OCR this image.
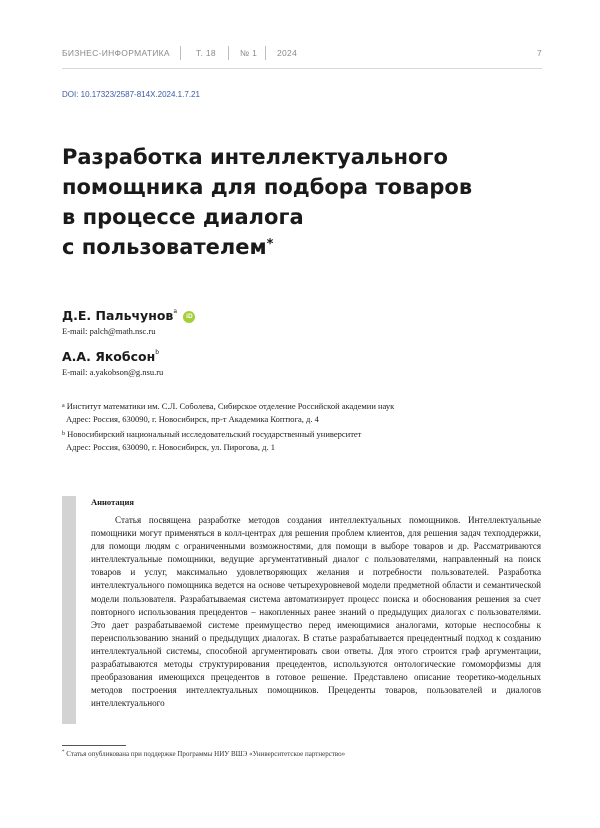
БИЗНЕС-ИНФОРМАТИКА	Т. 18	№ 1 2024	7
DOI: 10.17323/2587-814X.2024.1.7.21
Разработка интеллектуального
помощника для подбора товаров
в процессе диалога
с пользователем*
Д.Е. Пальчунов$^a$ iD
E-mail: palch@math.nsc.ru
А.А. Якобсон$^b$
E-mail: a.yakobson@g.nsu.ru
$^a$ Институт математики им. С.Л. Соболева, Сибирское отделение Российской академии наук
Адрес: Россия, 630090, г. Новосибирск, пр-т Академика Коптюга, д. 4
$^b$ Новосибирский национальный исследовательский государственный университет
Адрес: Россия, 630090, г. Новосибирск, ул. Пирогова, д. 1
Аннотация

Статья посвящена разработке методов создания интеллектуальных помощников. Интеллектуальные помощники могут применяться в колл-центрах для решения проблем клиентов, для решения задач техподдержки, для помощи людям с ограниченными возможностями, для помощи в выборе товаров и др. Рассматриваются интеллектуальные помощники, ведущие аргументативный диалог с пользователями, направленный на поиск товаров и услуг, максимально удовлетворяющих желания и потребности пользователей. Разработка интеллектуального помощника ведется на основе четырехуровневой модели предметной области и семантической модели пользователя. Разрабатываемая система автоматизирует процесс поиска и обоснования решения за счет повторного использования прецедентов – накопленных ранее знаний о предыдущих диалогах с пользователями. Это дает разрабатываемой системе преимущество перед имеющимися аналогами, которые неспособны к переиспользованию знаний о предыдущих диалогах. В статье разрабатывается прецедентный подход к созданию интеллектуальной системы, способной аргументировать свои ответы. Для этого строится граф аргументации, разрабатываются методы структурирования прецедентов, используются онтологические гомоморфизмы для преобразования имеющихся прецедентов в готовое решение. Представлено описание теоретико-модельных методов построения интеллектуальных помощников. Прецеденты товаров, пользователей и диалогов интеллектуального

* Статья опубликована при поддержке Программы НИУ ВШЭ «Университетское партнерство»
